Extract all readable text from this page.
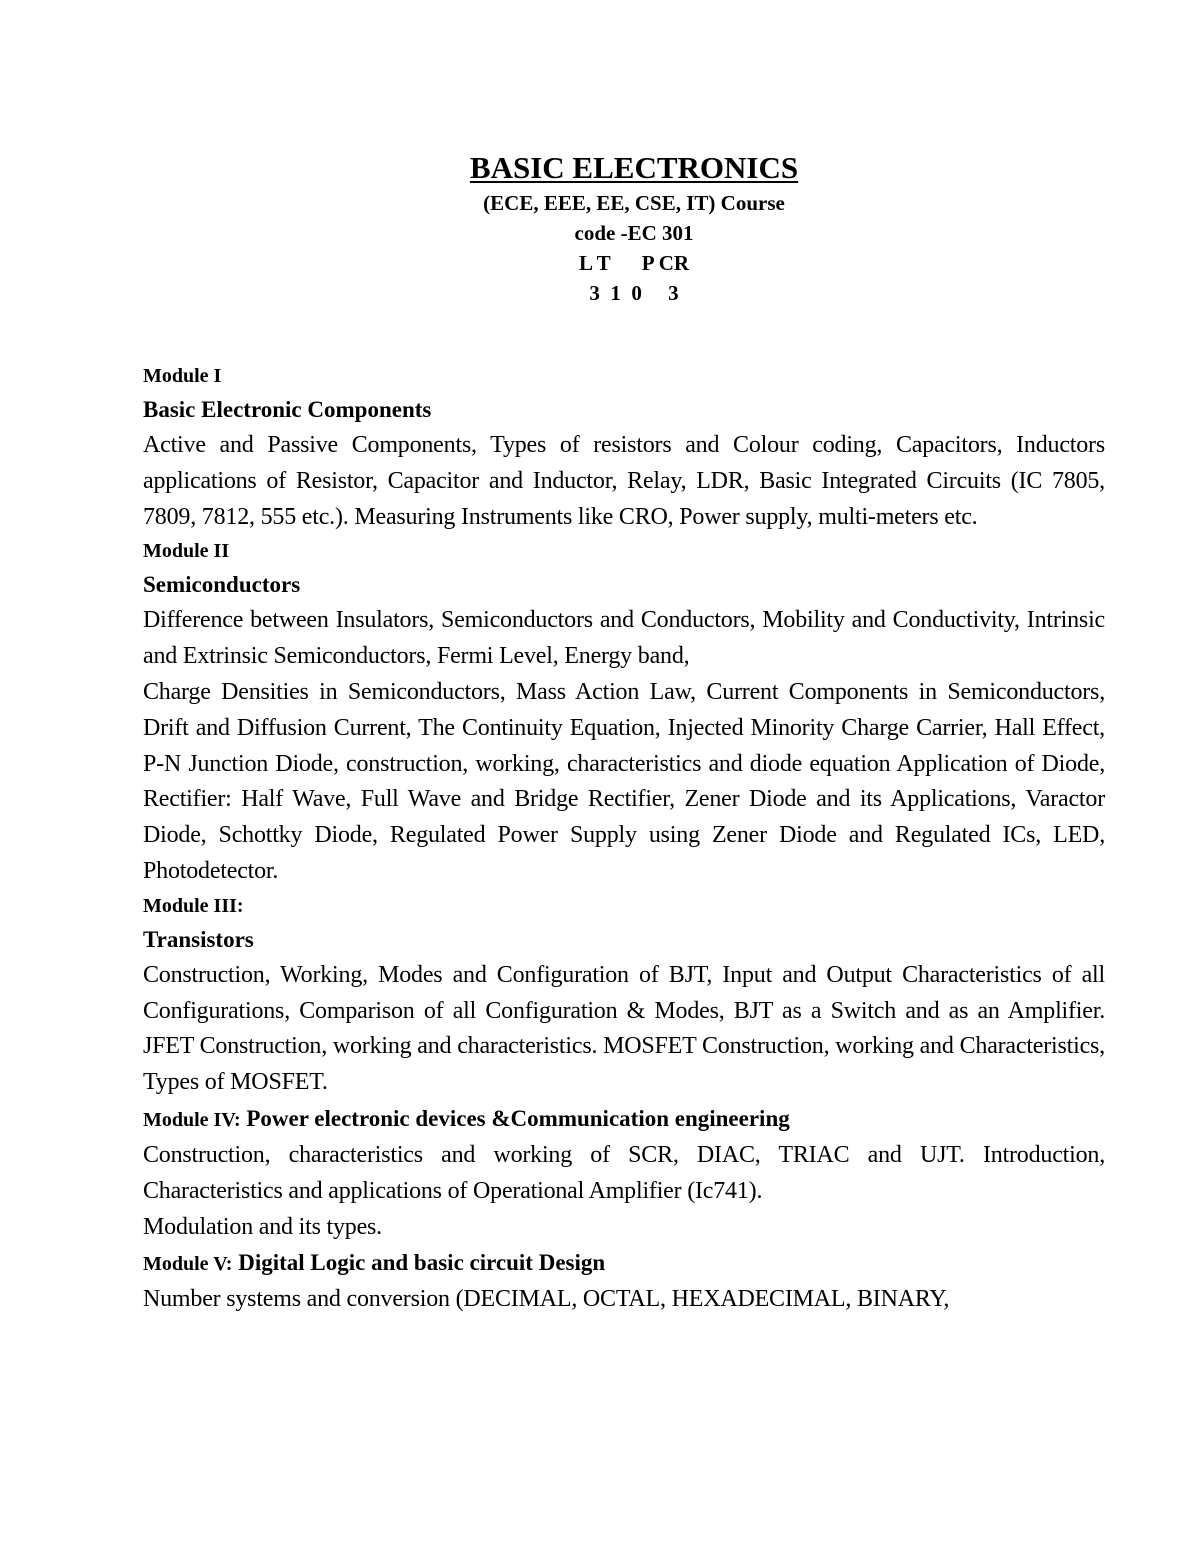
BASIC ELECTRONICS

(ECE, EEE, EE, CSE, IT) Course

code -EC 301

L T      P CR

3  1  0     3

Module I

Basic Electronic Components

Active and Passive Components, Types of resistors and Colour coding, Capacitors, Inductors applications of Resistor, Capacitor and Inductor, Relay, LDR, Basic Integrated Circuits (IC 7805, 7809, 7812, 555 etc.). Measuring Instruments like CRO, Power supply, multi-meters etc.

Module II

Semiconductors

Difference between Insulators, Semiconductors and Conductors, Mobility and Conductivity, Intrinsic and Extrinsic Semiconductors, Fermi Level, Energy band,

Charge Densities in Semiconductors, Mass Action Law, Current Components in Semiconductors, Drift and Diffusion Current, The Continuity Equation, Injected Minority Charge Carrier, Hall Effect, P-N Junction Diode, construction, working, characteristics and diode equation Application of Diode, Rectifier: Half Wave, Full Wave and Bridge Rectifier, Zener Diode and its Applications, Varactor Diode, Schottky Diode, Regulated Power Supply using Zener Diode and Regulated ICs, LED, Photodetector.

Module III:

Transistors

Construction, Working, Modes and Configuration of BJT, Input and Output Characteristics of all Configurations, Comparison of all Configuration & Modes, BJT as a Switch and as an Amplifier. JFET Construction, working and characteristics. MOSFET Construction, working and Characteristics, Types of MOSFET.

Module IV: Power electronic devices &Communication engineering

Construction, characteristics and working of SCR, DIAC, TRIAC and UJT. Introduction, Characteristics and applications of Operational Amplifier (Ic741).

Modulation and its types.

Module V: Digital Logic and basic circuit Design

Number systems and conversion (DECIMAL, OCTAL, HEXADECIMAL, BINARY,
